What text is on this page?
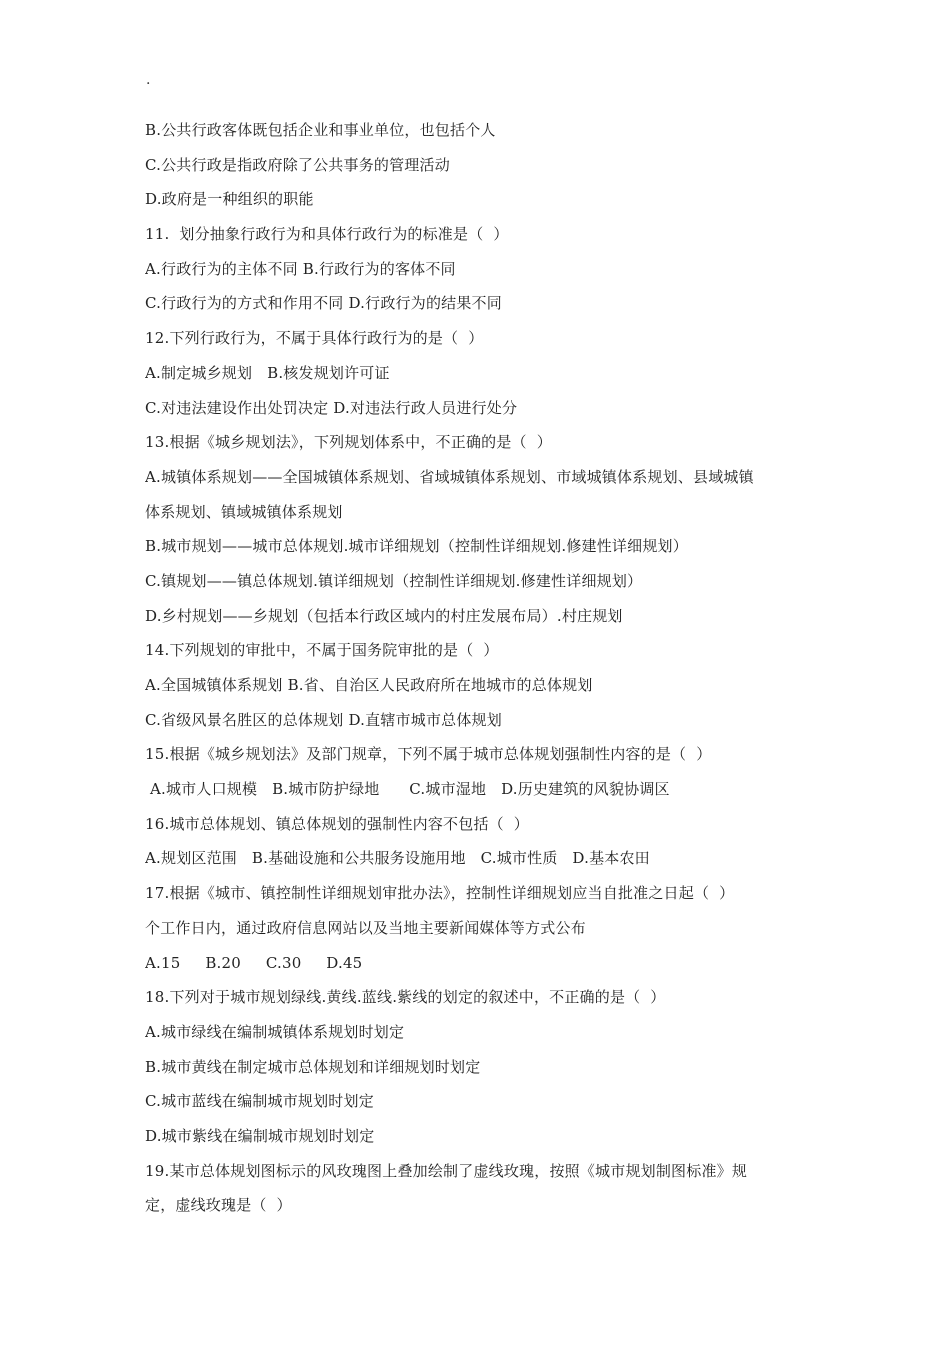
.
B.公共行政客体既包括企业和事业单位，也包括个人
C.公共行政是指政府除了公共事务的管理活动
D.政府是一种组织的职能
11.  划分抽象行政行为和具体行政行为的标准是（  ）
A.行政行为的主体不同 B.行政行为的客体不同
C.行政行为的方式和作用不同 D.行政行为的结果不同
12.下列行政行为，不属于具体行政行为的是（  ）
A.制定城乡规划   B.核发规划许可证
C.对违法建设作出处罚决定 D.对违法行政人员进行处分
13.根据《城乡规划法》，下列规划体系中，不正确的是（  ）
A.城镇体系规划——全国城镇体系规划、省域城镇体系规划、市域城镇体系规划、县域城镇
体系规划、镇域城镇体系规划
B.城市规划——城市总体规划.城市详细规划（控制性详细规划.修建性详细规划）
C.镇规划——镇总体规划.镇详细规划（控制性详细规划.修建性详细规划）
D.乡村规划——乡规划（包括本行政区域内的村庄发展布局）.村庄规划
14.下列规划的审批中，不属于国务院审批的是（  ）
A.全国城镇体系规划 B.省、自治区人民政府所在地城市的总体规划
C.省级风景名胜区的总体规划 D.直辖市城市总体规划
15.根据《城乡规划法》及部门规章，下列不属于城市总体规划强制性内容的是（  ）
A.城市人口规模   B.城市防护绿地      C.城市湿地   D.历史建筑的风貌协调区
16.城市总体规划、镇总体规划的强制性内容不包括（  ）
A.规划区范围   B.基础设施和公共服务设施用地   C.城市性质   D.基本农田
17.根据《城市、镇控制性详细规划审批办法》，控制性详细规划应当自批准之日起（  ）
个工作日内，通过政府信息网站以及当地主要新闻媒体等方式公布
A.15     B.20     C.30     D.45
18.下列对于城市规划绿线.黄线.蓝线.紫线的划定的叙述中，不正确的是（  ）
A.城市绿线在编制城镇体系规划时划定
B.城市黄线在制定城市总体规划和详细规划时划定
C.城市蓝线在编制城市规划时划定
D.城市紫线在编制城市规划时划定
19.某市总体规划图标示的风玫瑰图上叠加绘制了虚线玫瑰，按照《城市规划制图标准》规
定，虚线玫瑰是（  ）
